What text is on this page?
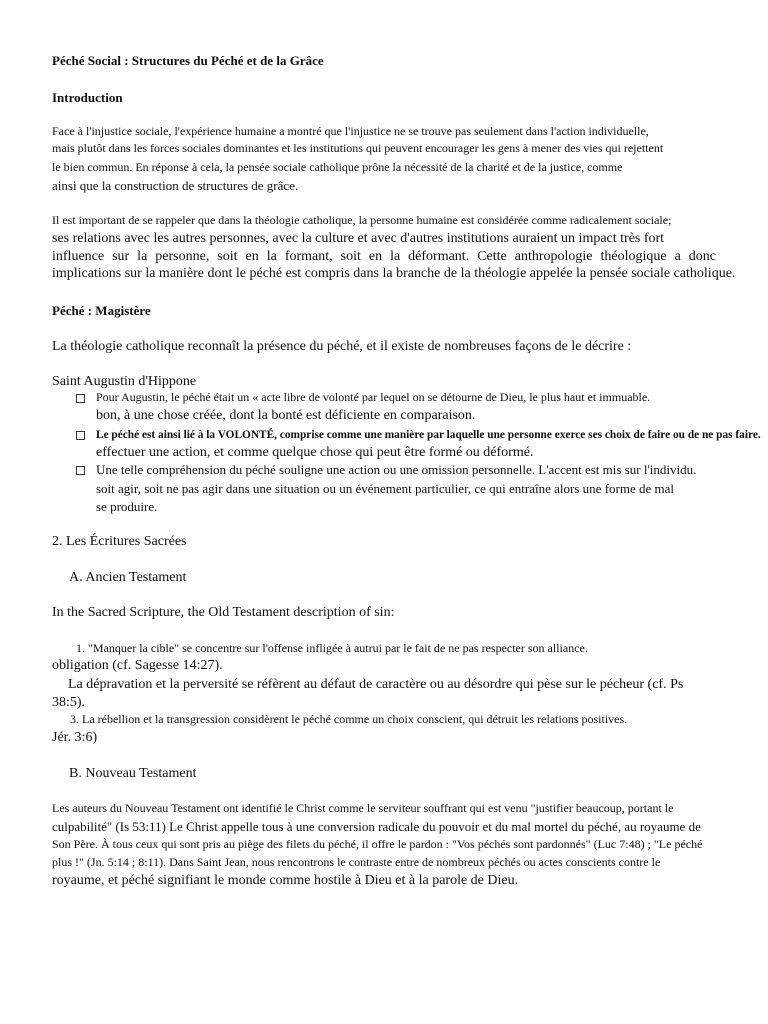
Péché Social : Structures du Péché et de la Grâce
Introduction
Face à l'injustice sociale, l'expérience humaine a montré que l'injustice ne se trouve pas seulement dans l'action individuelle,
mais plutôt dans les forces sociales dominantes et les institutions qui peuvent encourager les gens à mener des vies qui rejettent
le bien commun. En réponse à cela, la pensée sociale catholique prône la nécessité de la charité et de la justice, comme
ainsi que la construction de structures de grâce.
Il est important de se rappeler que dans la théologie catholique, la personne humaine est considérée comme radicalement sociale;
ses relations avec les autres personnes, avec la culture et avec d'autres institutions auraient un impact très fort
influence sur la personne, soit en la formant, soit en la déformant. Cette anthropologie théologique a donc
implications sur la manière dont le péché est compris dans la branche de la théologie appelée la pensée sociale catholique.
Péché : Magistère
La théologie catholique reconnaît la présence du péché, et il existe de nombreuses façons de le décrire :
Saint Augustin d'Hippone
Pour Augustin, le péché était un « acte libre de volonté par lequel on se détourne de Dieu, le plus haut et immuable.
bon, à une chose créée, dont la bonté est déficiente en comparaison.
Le péché est ainsi lié à la VOLONTÉ, comprise comme une manière par laquelle une personne exerce ses choix de faire ou de ne pas faire.
effectuer une action, et comme quelque chose qui peut être formé ou déformé.
Une telle compréhension du péché souligne une action ou une omission personnelle. L'accent est mis sur l'individu.
soit agir, soit ne pas agir dans une situation ou un événement particulier, ce qui entraîne alors une forme de mal
se produire.
2. Les Écritures Sacrées
A. Ancien Testament
In the Sacred Scripture, the Old Testament description of sin:
1. "Manquer la cible" se concentre sur l'offense infligée à autrui par le fait de ne pas respecter son alliance.
obligation (cf. Sagesse 14:27).
La dépravation et la perversité se réfèrent au défaut de caractère ou au désordre qui pèse sur le pécheur (cf. Ps
38:5).
3. La rébellion et la transgression considèrent le péché comme un choix conscient, qui détruit les relations positives.
Jér. 3:6)
B. Nouveau Testament
Les auteurs du Nouveau Testament ont identifié le Christ comme le serviteur souffrant qui est venu "justifier beaucoup, portant le
culpabilité" (Is 53:11) Le Christ appelle tous à une conversion radicale du pouvoir et du mal mortel du péché, au royaume de
Son Père. À tous ceux qui sont pris au piège des filets du péché, il offre le pardon : "Vos péchés sont pardonnés" (Luc 7:48) ; "Le péché
plus !" (Jn. 5:14 ; 8:11). Dans Saint Jean, nous rencontrons le contraste entre de nombreux péchés ou actes conscients contre le
royaume, et péché signifiant le monde comme hostile à Dieu et à la parole de Dieu.
